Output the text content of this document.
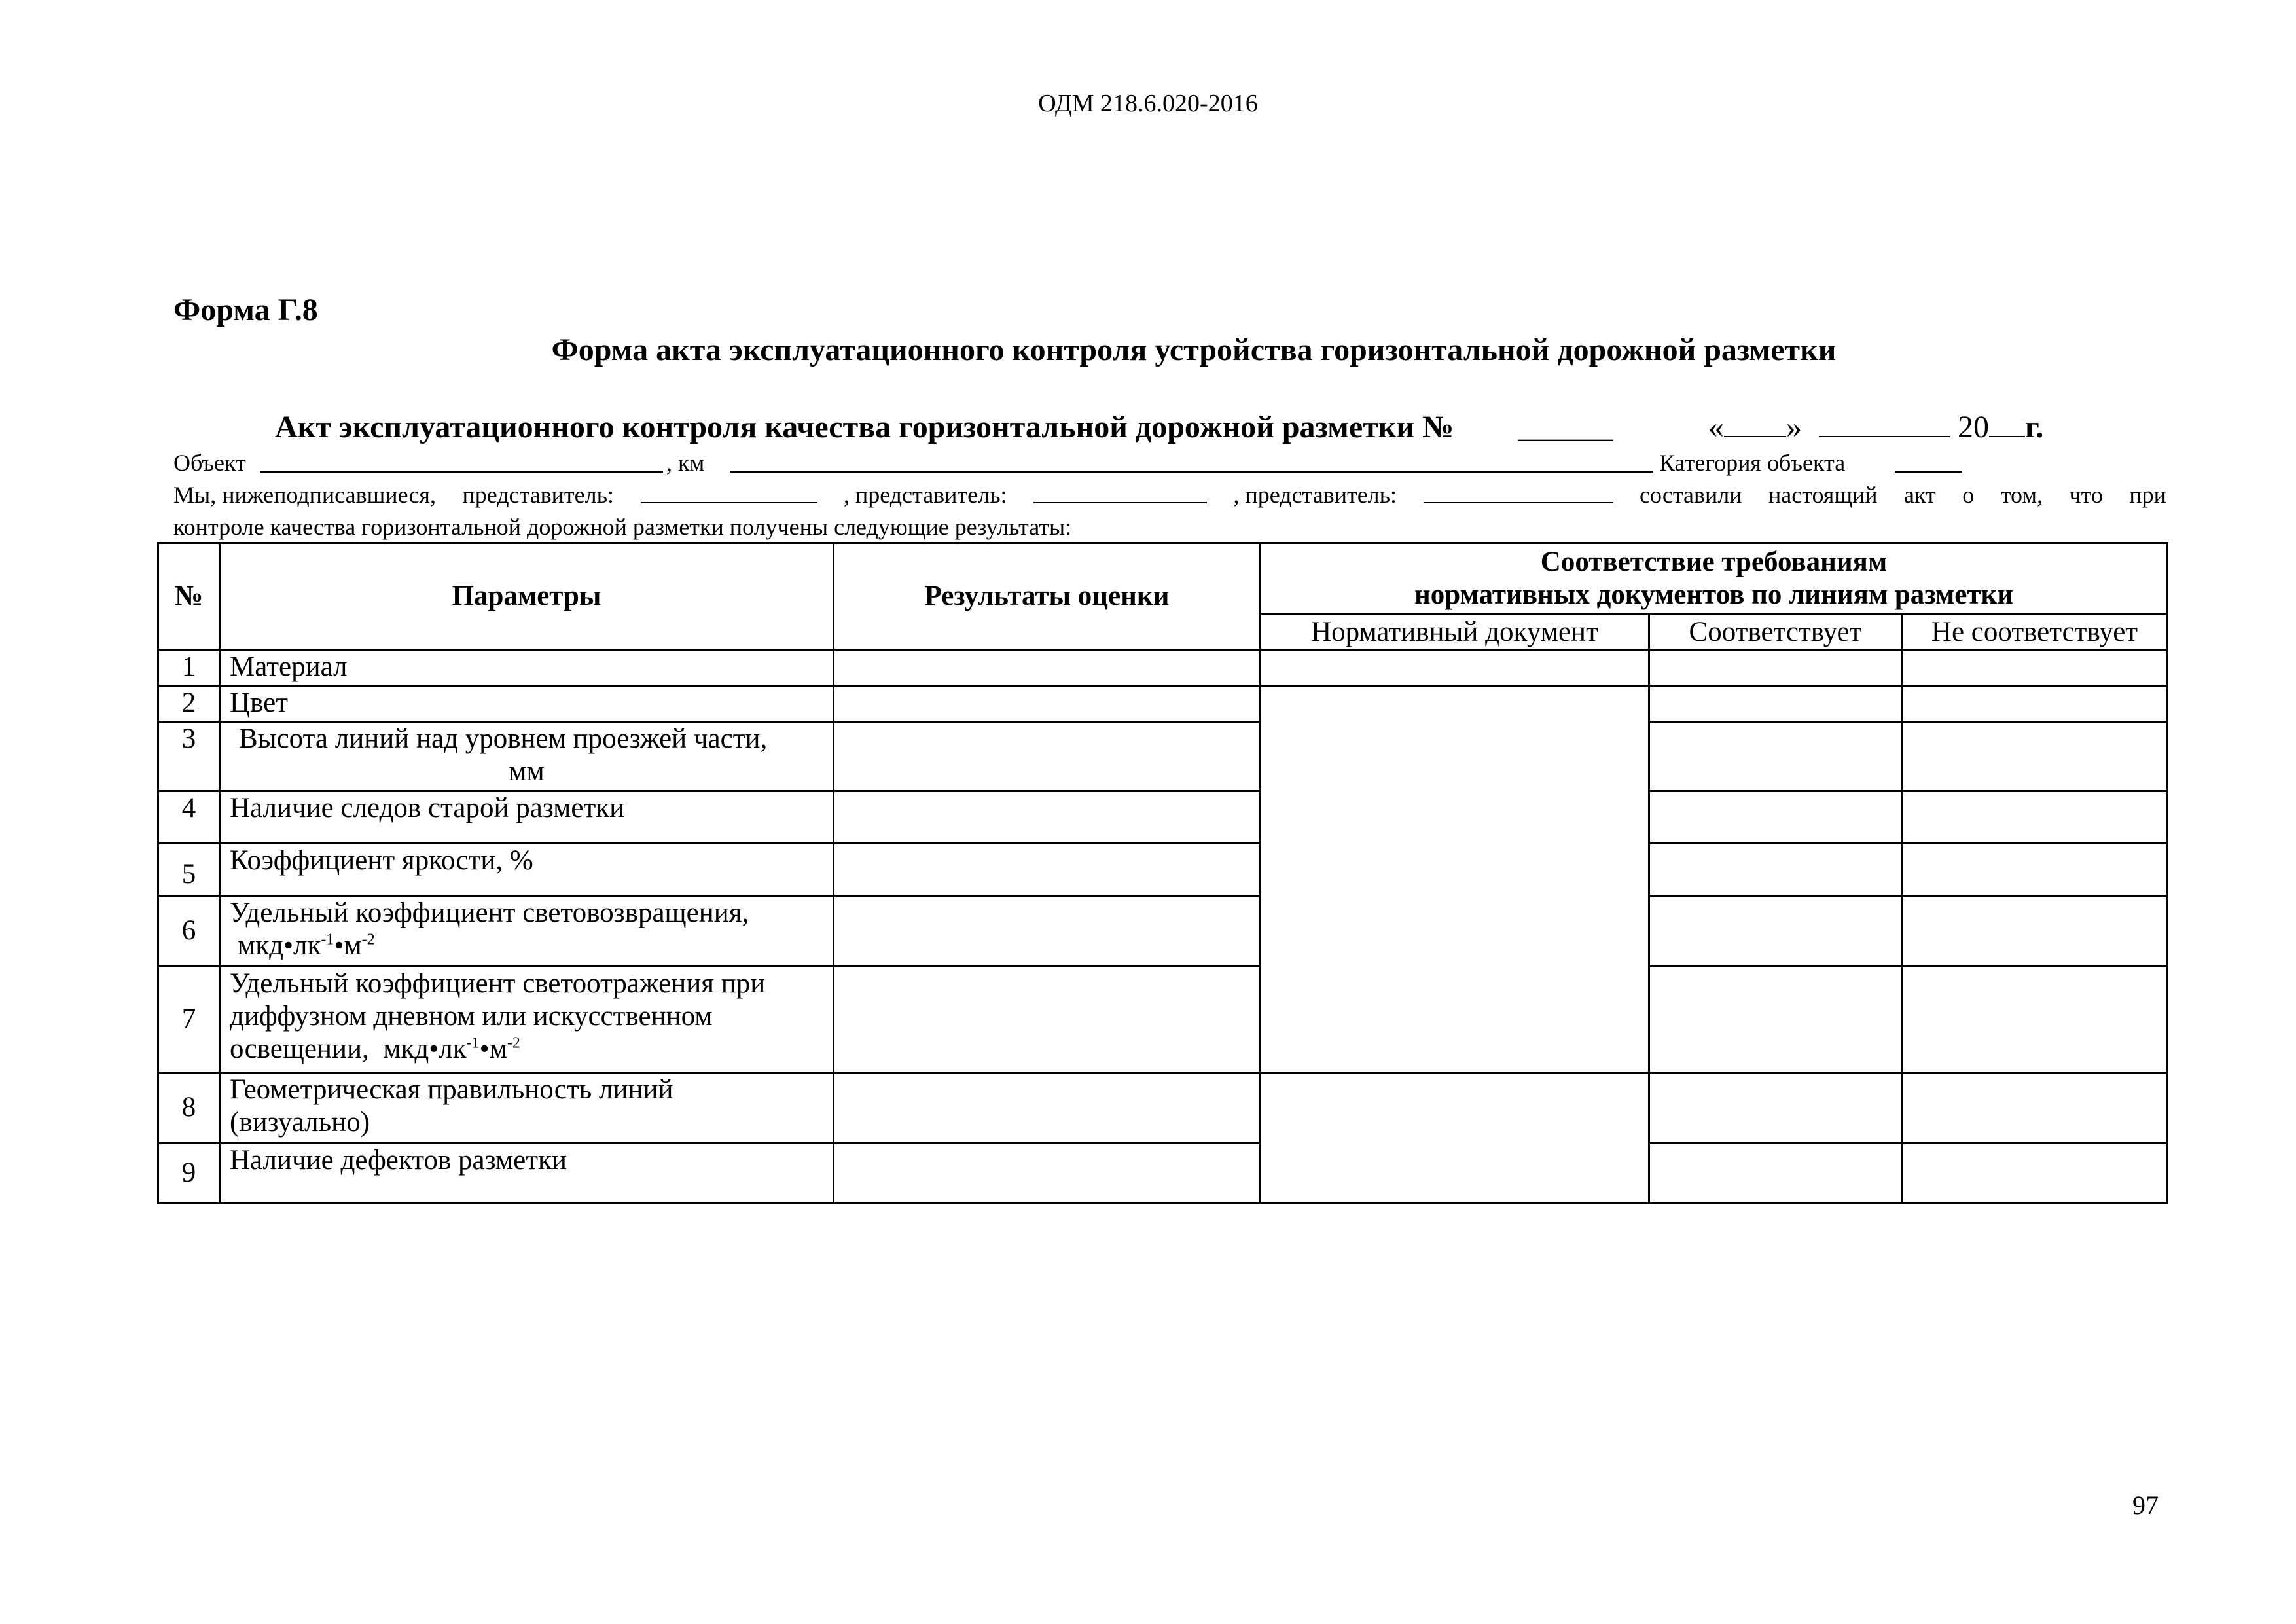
ОДМ 218.6.020-2016
Форма Г.8
Форма акта эксплуатационного контроля устройства горизонтальной дорожной разметки
Акт эксплуатационного контроля качества горизонтальной дорожной разметки № ______	« »	20 г.
Объект	, км	Категория объекта
Мы, нижеподписавшиеся, представитель:	, представитель:	, представитель:	составили настоящий акт о том, что при
контроле качества горизонтальной дорожной разметки получены следующие результаты:
№	Параметры	Результаты оценки	Соответствие требованиям
нормативных документов по линиям разметки		

			Нормативный документ	Соответствует	Не соответствует
1	Материал				
2	Цвет				
3	Высота линий над уровнем проезжей части,
мм				

4	Наличие следов старой разметки				
5	Коэффициент яркости, %				
6	Удельный коэффициент световозвращения,
$мкд•лк^{-1}•м^{-2}$

7	Удельный коэффициент светоотражения при
диффузном дневном или искусственном
освещении,  $мкд•лк^{-1}•м^{-2}$

8	Геометрическая правильность линий
(визуально)				

9	Наличие дефектов разметки				
97
